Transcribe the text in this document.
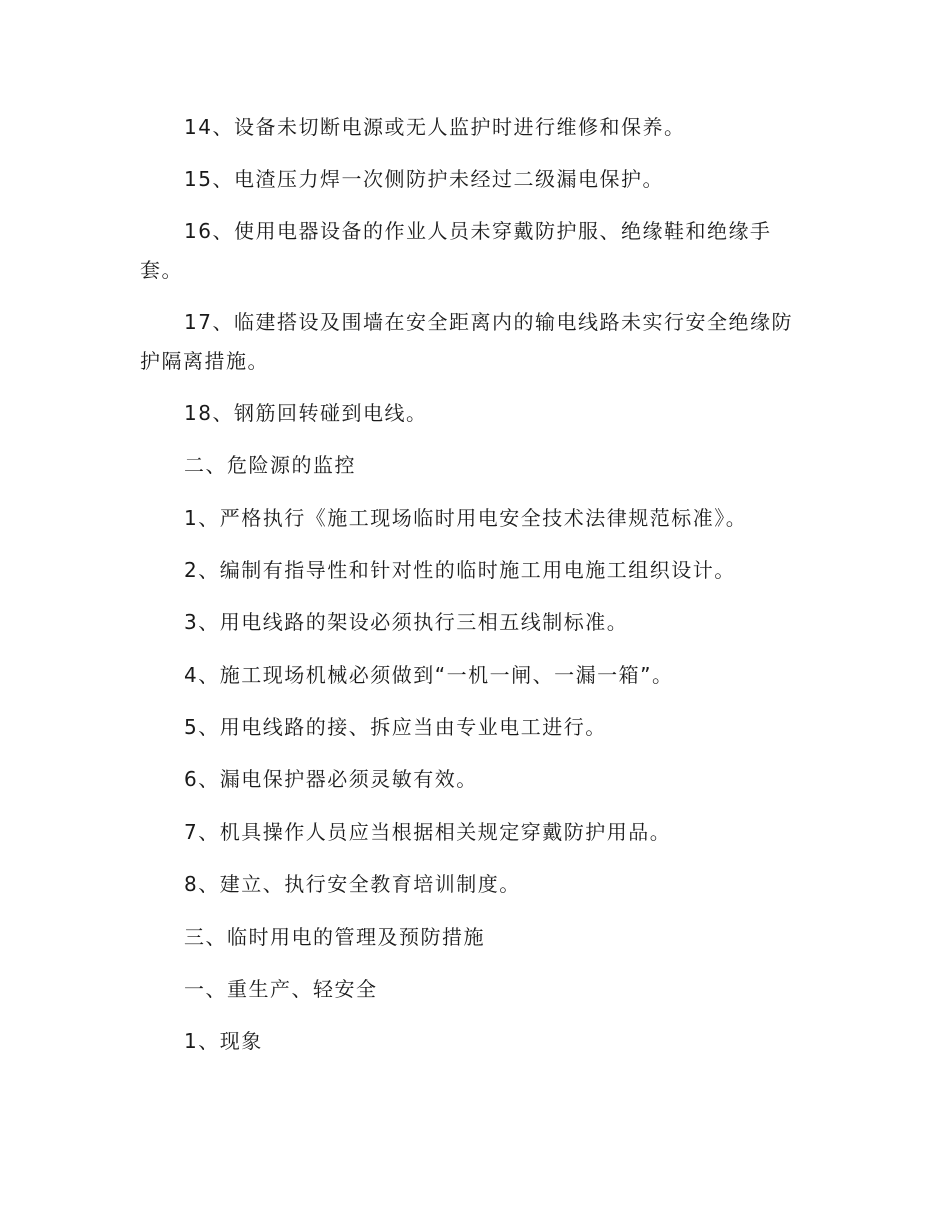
14、设备未切断电源或无人监护时进行维修和保养。

15、电渣压力焊一次侧防护未经过二级漏电保护。

16、使用电器设备的作业人员未穿戴防护服、绝缘鞋和绝缘手

套。

17、临建搭设及围墙在安全距离内的输电线路未实行安全绝缘防

护隔离措施。

18、钢筋回转碰到电线。

二、危险源的监控

1、严格执行《施工现场临时用电安全技术法律规范标准》。

2、编制有指导性和针对性的临时施工用电施工组织设计。

3、用电线路的架设必须执行三相五线制标准。

4、施工现场机械必须做到“一机一闸、一漏一箱”。

5、用电线路的接、拆应当由专业电工进行。

6、漏电保护器必须灵敏有效。

7、机具操作人员应当根据相关规定穿戴防护用品。

8、建立、执行安全教育培训制度。

三、临时用电的管理及预防措施

一、重生产、轻安全

1、现象
